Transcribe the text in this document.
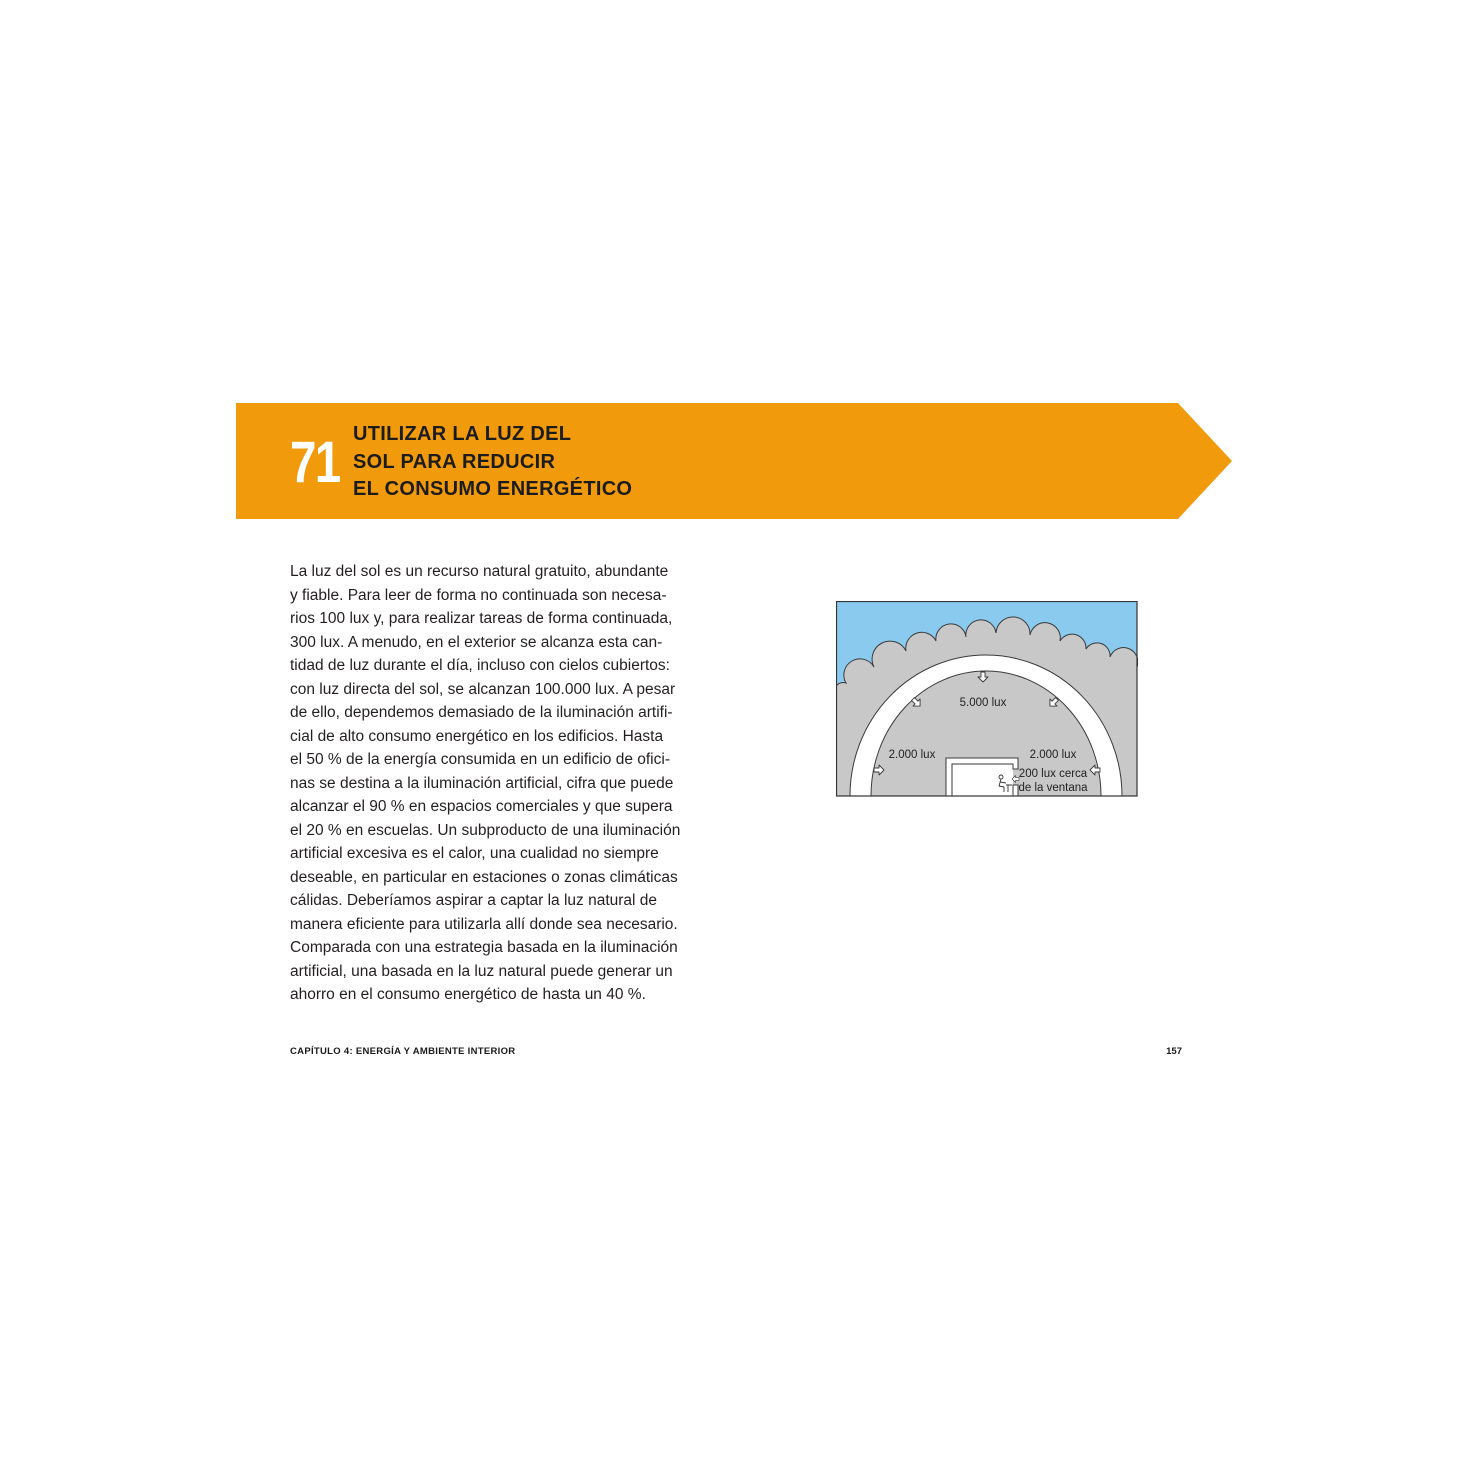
71 UTILIZAR LA LUZ DEL
SOL PARA REDUCIR
EL CONSUMO ENERGÉTICO
La luz del sol es un recurso natural gratuito, abundante
y fiable. Para leer de forma no continuada son necesa-
rios 100 lux y, para realizar tareas de forma continuada,
300 lux. A menudo, en el exterior se alcanza esta can-
tidad de luz durante el día, incluso con cielos cubiertos:
con luz directa del sol, se alcanzan 100.000 lux. A pesar
de ello, dependemos demasiado de la iluminación artifi-
cial de alto consumo energético en los edificios. Hasta
el 50 % de la energía consumida en un edificio de ofici-
nas se destina a la iluminación artificial, cifra que puede
alcanzar el 90 % en espacios comerciales y que supera
el 20 % en escuelas. Un subproducto de una iluminación
artificial excesiva es el calor, una cualidad no siempre
deseable, en particular en estaciones o zonas climáticas
cálidas. Deberíamos aspirar a captar la luz natural de
manera eficiente para utilizarla allí donde sea necesario.
Comparada con una estrategia basada en la iluminación
artificial, una basada en la luz natural puede generar un
ahorro en el consumo energético de hasta un 40 %.
5.000 lux
2.000 lux	2.000 lux
200 lux cerca
de la ventana
CAPÍTULO 4: ENERGÍA Y AMBIENTE INTERIOR	157
